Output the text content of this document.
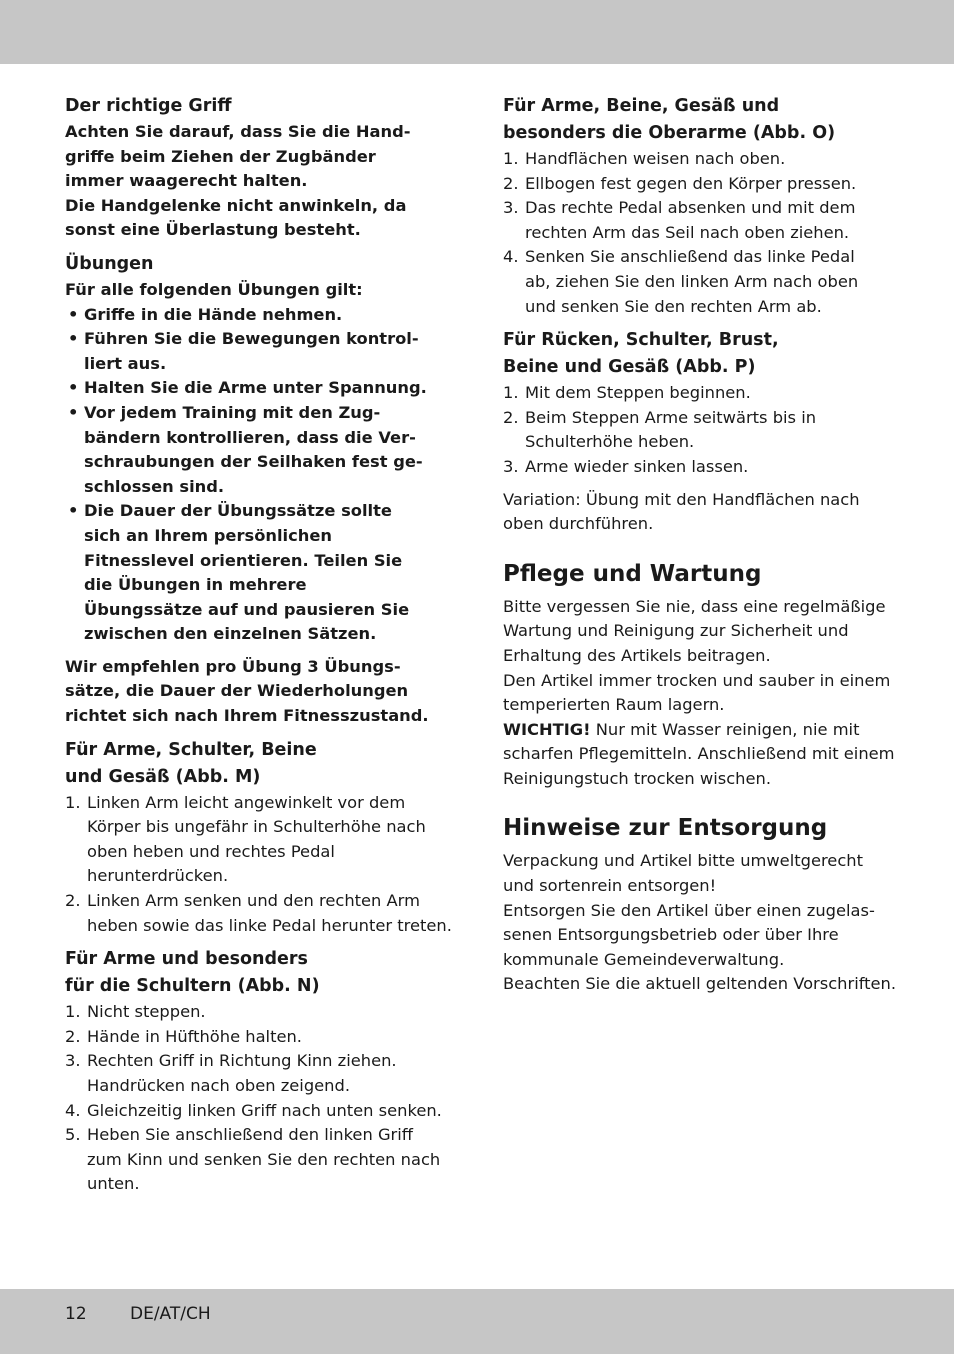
Der richtige Griff
Achten Sie darauf, dass Sie die Hand-
griffe beim Ziehen der Zugbänder
immer waagerecht halten.
Die Handgelenke nicht anwinkeln, da
sonst eine Überlastung besteht.
Übungen
Für alle folgenden Übungen gilt:
• Griffe in die Hände nehmen.
• Führen Sie die Bewegungen kontrol-
liert aus.
• Halten Sie die Arme unter Spannung.
• Vor jedem Training mit den Zug-
bändern kontrollieren, dass die Ver-
schraubungen der Seilhaken fest ge-
schlossen sind.
• Die Dauer der Übungssätze sollte
sich an Ihrem persönlichen
Fitnesslevel orientieren. Teilen Sie
die Übungen in mehrere
Übungssätze auf und pausieren Sie
zwischen den einzelnen Sätzen.
Wir empfehlen pro Übung 3 Übungs-
sätze, die Dauer der Wiederholungen
richtet sich nach Ihrem Fitnesszustand.
Für Arme, Schulter, Beine
und Gesäß (Abb. M)
1. Linken Arm leicht angewinkelt vor dem
Körper bis ungefähr in Schulterhöhe nach
oben heben und rechtes Pedal
herunterdrücken.
2. Linken Arm senken und den rechten Arm
heben sowie das linke Pedal herunter treten.
Für Arme und besonders
für die Schultern (Abb. N)
1. Nicht steppen.
2. Hände in Hüfthöhe halten.
3. Rechten Griff in Richtung Kinn ziehen.
Handrücken nach oben zeigend.
4. Gleichzeitig linken Griff nach unten senken.
5. Heben Sie anschließend den linken Griff
zum Kinn und senken Sie den rechten nach
unten.
Für Arme, Beine, Gesäß und
besonders die Oberarme (Abb. O)
1. Handflächen weisen nach oben.
2. Ellbogen fest gegen den Körper pressen.
3. Das rechte Pedal absenken und mit dem
rechten Arm das Seil nach oben ziehen.
4. Senken Sie anschließend das linke Pedal
ab, ziehen Sie den linken Arm nach oben
und senken Sie den rechten Arm ab.
Für Rücken, Schulter, Brust,
Beine und Gesäß (Abb. P)
1. Mit dem Steppen beginnen.
2. Beim Steppen Arme seitwärts bis in
Schulterhöhe heben.
3. Arme wieder sinken lassen.
Variation: Übung mit den Handflächen nach
oben durchführen.
Pflege und Wartung
Bitte vergessen Sie nie, dass eine regelmäßige
Wartung und Reinigung zur Sicherheit und
Erhaltung des Artikels beitragen.
Den Artikel immer trocken und sauber in einem
temperierten Raum lagern.
WICHTIG! Nur mit Wasser reinigen, nie mit
scharfen Pflegemitteln. Anschließend mit einem
Reinigungstuch trocken wischen.
Hinweise zur Entsorgung
Verpackung und Artikel bitte umweltgerecht
und sortenrein entsorgen!
Entsorgen Sie den Artikel über einen zugelas-
senen Entsorgungsbetrieb oder über Ihre
kommunale Gemeindeverwaltung.
Beachten Sie die aktuell geltenden Vorschriften.
12	DE/AT/CH
